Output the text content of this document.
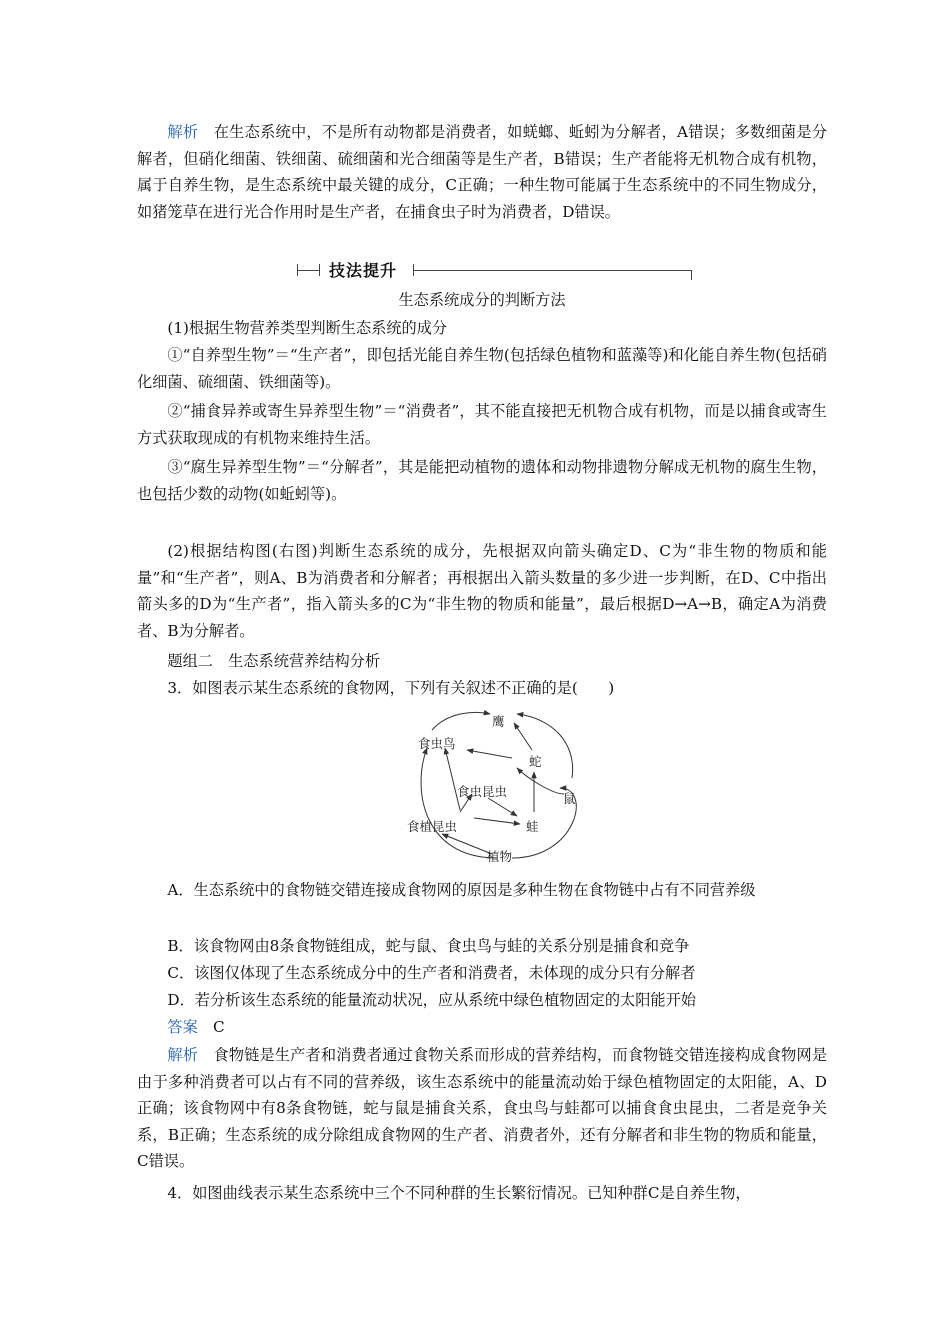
解析　 在生态系统中，不是所有动物都是消费者，如蜣螂、蚯蚓为分解者，A错误；多数细菌是分解者，但硝化细菌、铁细菌、硫细菌和光合细菌等是生产者，B错误；生产者能将无机物合成有机物，属于自养生物，是生态系统中最关键的成分，C正确；一种生物可能属于生态系统中的不同生物成分，如猪笼草在进行光合作用时是生产者，在捕食虫子时为消费者，D错误。
技法提升
生态系统成分的判断方法
(1)根据生物营养类型判断生态系统的成分
①“自养型生物”＝“生产者”，即包括光能自养生物(包括绿色植物和蓝藻等)和化能自养生物(包括硝化细菌、硫细菌、铁细菌等)。
②“捕食异养或寄生异养型生物”＝“消费者”，其不能直接把无机物合成有机物，而是以捕食或寄生方式获取现成的有机物来维持生活。
③“腐生异养型生物”＝“分解者”，其是能把动植物的遗体和动物排遗物分解成无机物的腐生生物，也包括少数的动物(如蚯蚓等)。
(2)根据结构图(右图)判断生态系统的成分，先根据双向箭头确定D、C为“非生物的物质和能量”和“生产者”，则A、B为消费者和分解者；再根据出入箭头数量的多少进一步判断，在D、C中指出箭头多的D为“生产者”，指入箭头多的C为“非生物的物质和能量”，最后根据D→A→B，确定A为消费者、B为分解者。
题组二　生态系统营养结构分析
3．如图表示某生态系统的食物网，下列有关叙述不正确的是(　　)
鹰
食虫鸟
蛇
食虫昆虫	鼠
食植昆虫	蛙
植物
A．生态系统中的食物链交错连接成食物网的原因是多种生物在食物链中占有不同营养级
B．该食物网由8条食物链组成，蛇与鼠、食虫鸟与蛙的关系分别是捕食和竞争
C．该图仅体现了生态系统成分中的生产者和消费者，未体现的成分只有分解者
D．若分析该生态系统的能量流动状况，应从系统中绿色植物固定的太阳能开始
答案　 C
解析　 食物链是生产者和消费者通过食物关系而形成的营养结构，而食物链交错连接构成食物网是由于多种消费者可以占有不同的营养级，该生态系统中的能量流动始于绿色植物固定的太阳能，A、D正确；该食物网中有8条食物链，蛇与鼠是捕食关系，食虫鸟与蛙都可以捕食食虫昆虫，二者是竞争关系，B正确；生态系统的成分除组成食物网的生产者、消费者外，还有分解者和非生物的物质和能量，C错误。
4．如图曲线表示某生态系统中三个不同种群的生长繁衍情况。已知种群C是自养生物，
